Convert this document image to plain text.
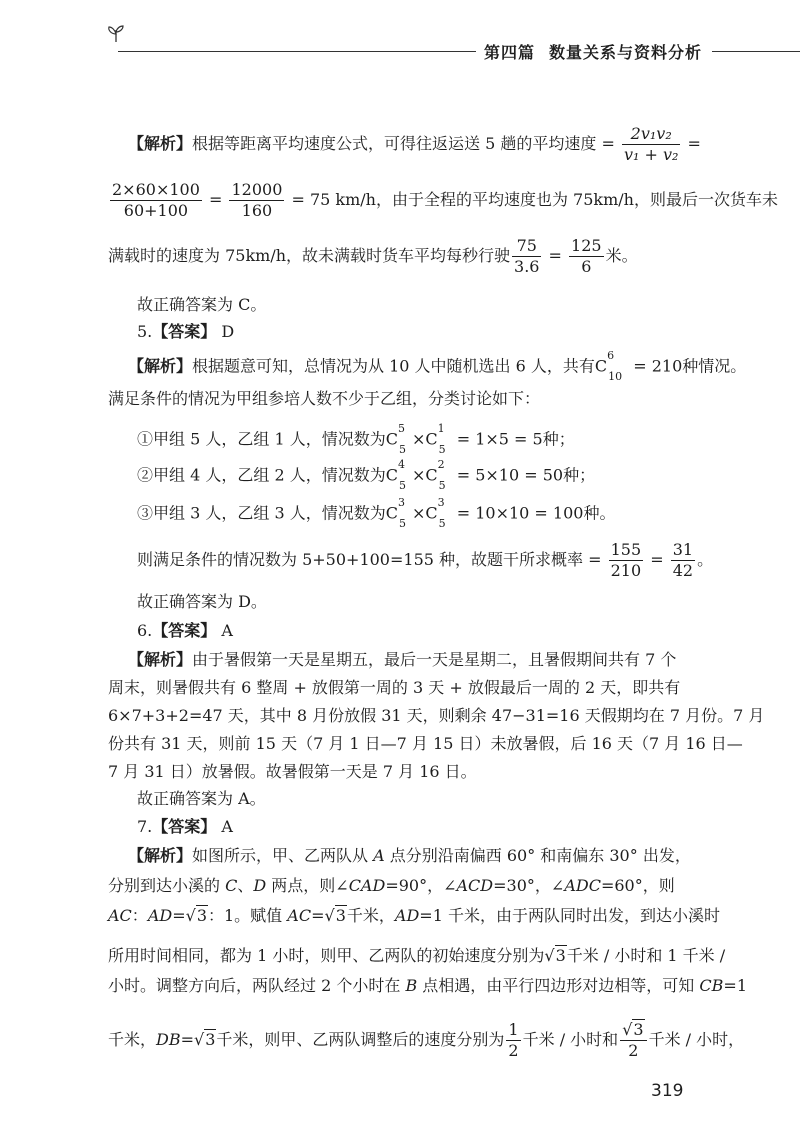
第四篇 数量关系与资料分析
【解析】根据等距离平均速度公式，可得往返运送 5 趟的平均速度 = $\frac{\text{2v₁v₂}}{\text{v₁ + v₂}}$ =
$\frac{2\times 60\times 100}{60+100} = \frac{12000}{160} = 75$ km/h，由于全程的平均速度也为 75km/h，则最后一次货车未
满载时的速度为 75km/h，故未满载时货车平均每秒行驶 $\frac{75}{3.6} = \frac{125}{6}$ 米。
故正确答案为 C。
5.【答案】 D
【解析】根据题意可知，总情况为从 10 人中随机选出 6 人，共有$C^6_{10} = 210$种情况。
满足条件的情况为甲组参培人数不少于乙组，分类讨论如下：
①甲组 5 人，乙组 1 人，情况数为$C^5_5\times C^1_5 = 1\times 5 = 5$种；
②甲组 4 人，乙组 2 人，情况数为$C^4_5\times C^2_5 = 5\times 10 = 50$种；
③甲组 3 人，乙组 3 人，情况数为$C^3_5\times C^3_5 = 10\times 10 = 100$种。
则满足条件的情况数为 5+50+100=155 种，故题干所求概率 = $\frac{155}{210} = \frac{31}{42}$ 。
故正确答案为 D。
6.【答案】 A
【解析】由于暑假第一天是星期五，最后一天是星期二，且暑假期间共有 7 个
周末，则暑假共有 6 整周 + 放假第一周的 3 天 + 放假最后一周的 2 天，即共有
6×7+3+2=47 天，其中 8 月份放假 31 天，则剩余 47−31=16 天假期均在 7 月份。7 月
份共有 31 天，则前 15 天（7 月 1 日—7 月 15 日）未放暑假，后 16 天（7 月 16 日—
7 月 31 日）放暑假。故暑假第一天是 7 月 16 日。
故正确答案为 A。
7.【答案】 A
【解析】如图所示，甲、乙两队从 A 点分别沿南偏西 60° 和南偏东 30° 出发，
分别到达小溪的 C、D 两点，则∠CAD=90°，∠ACD=30°，∠ADC=60°，则
AC：AD=√3：1。赋值 AC=√3千米，AD=1 千米，由于两队同时出发，到达小溪时
所用时间相同，都为 1 小时，则甲、乙两队的初始速度分别为√3千米 / 小时和 1 千米 /
小时。调整方向后，两队经过 2 个小时在 B 点相遇，由平行四边形对边相等，可知 CB=1
千米，DB=√3千米，则甲、乙两队调整后的速度分别为 $\frac{1}{2}$ 千米 / 小时和 $\frac{√3}{2}$ 千米 / 小时，
319
